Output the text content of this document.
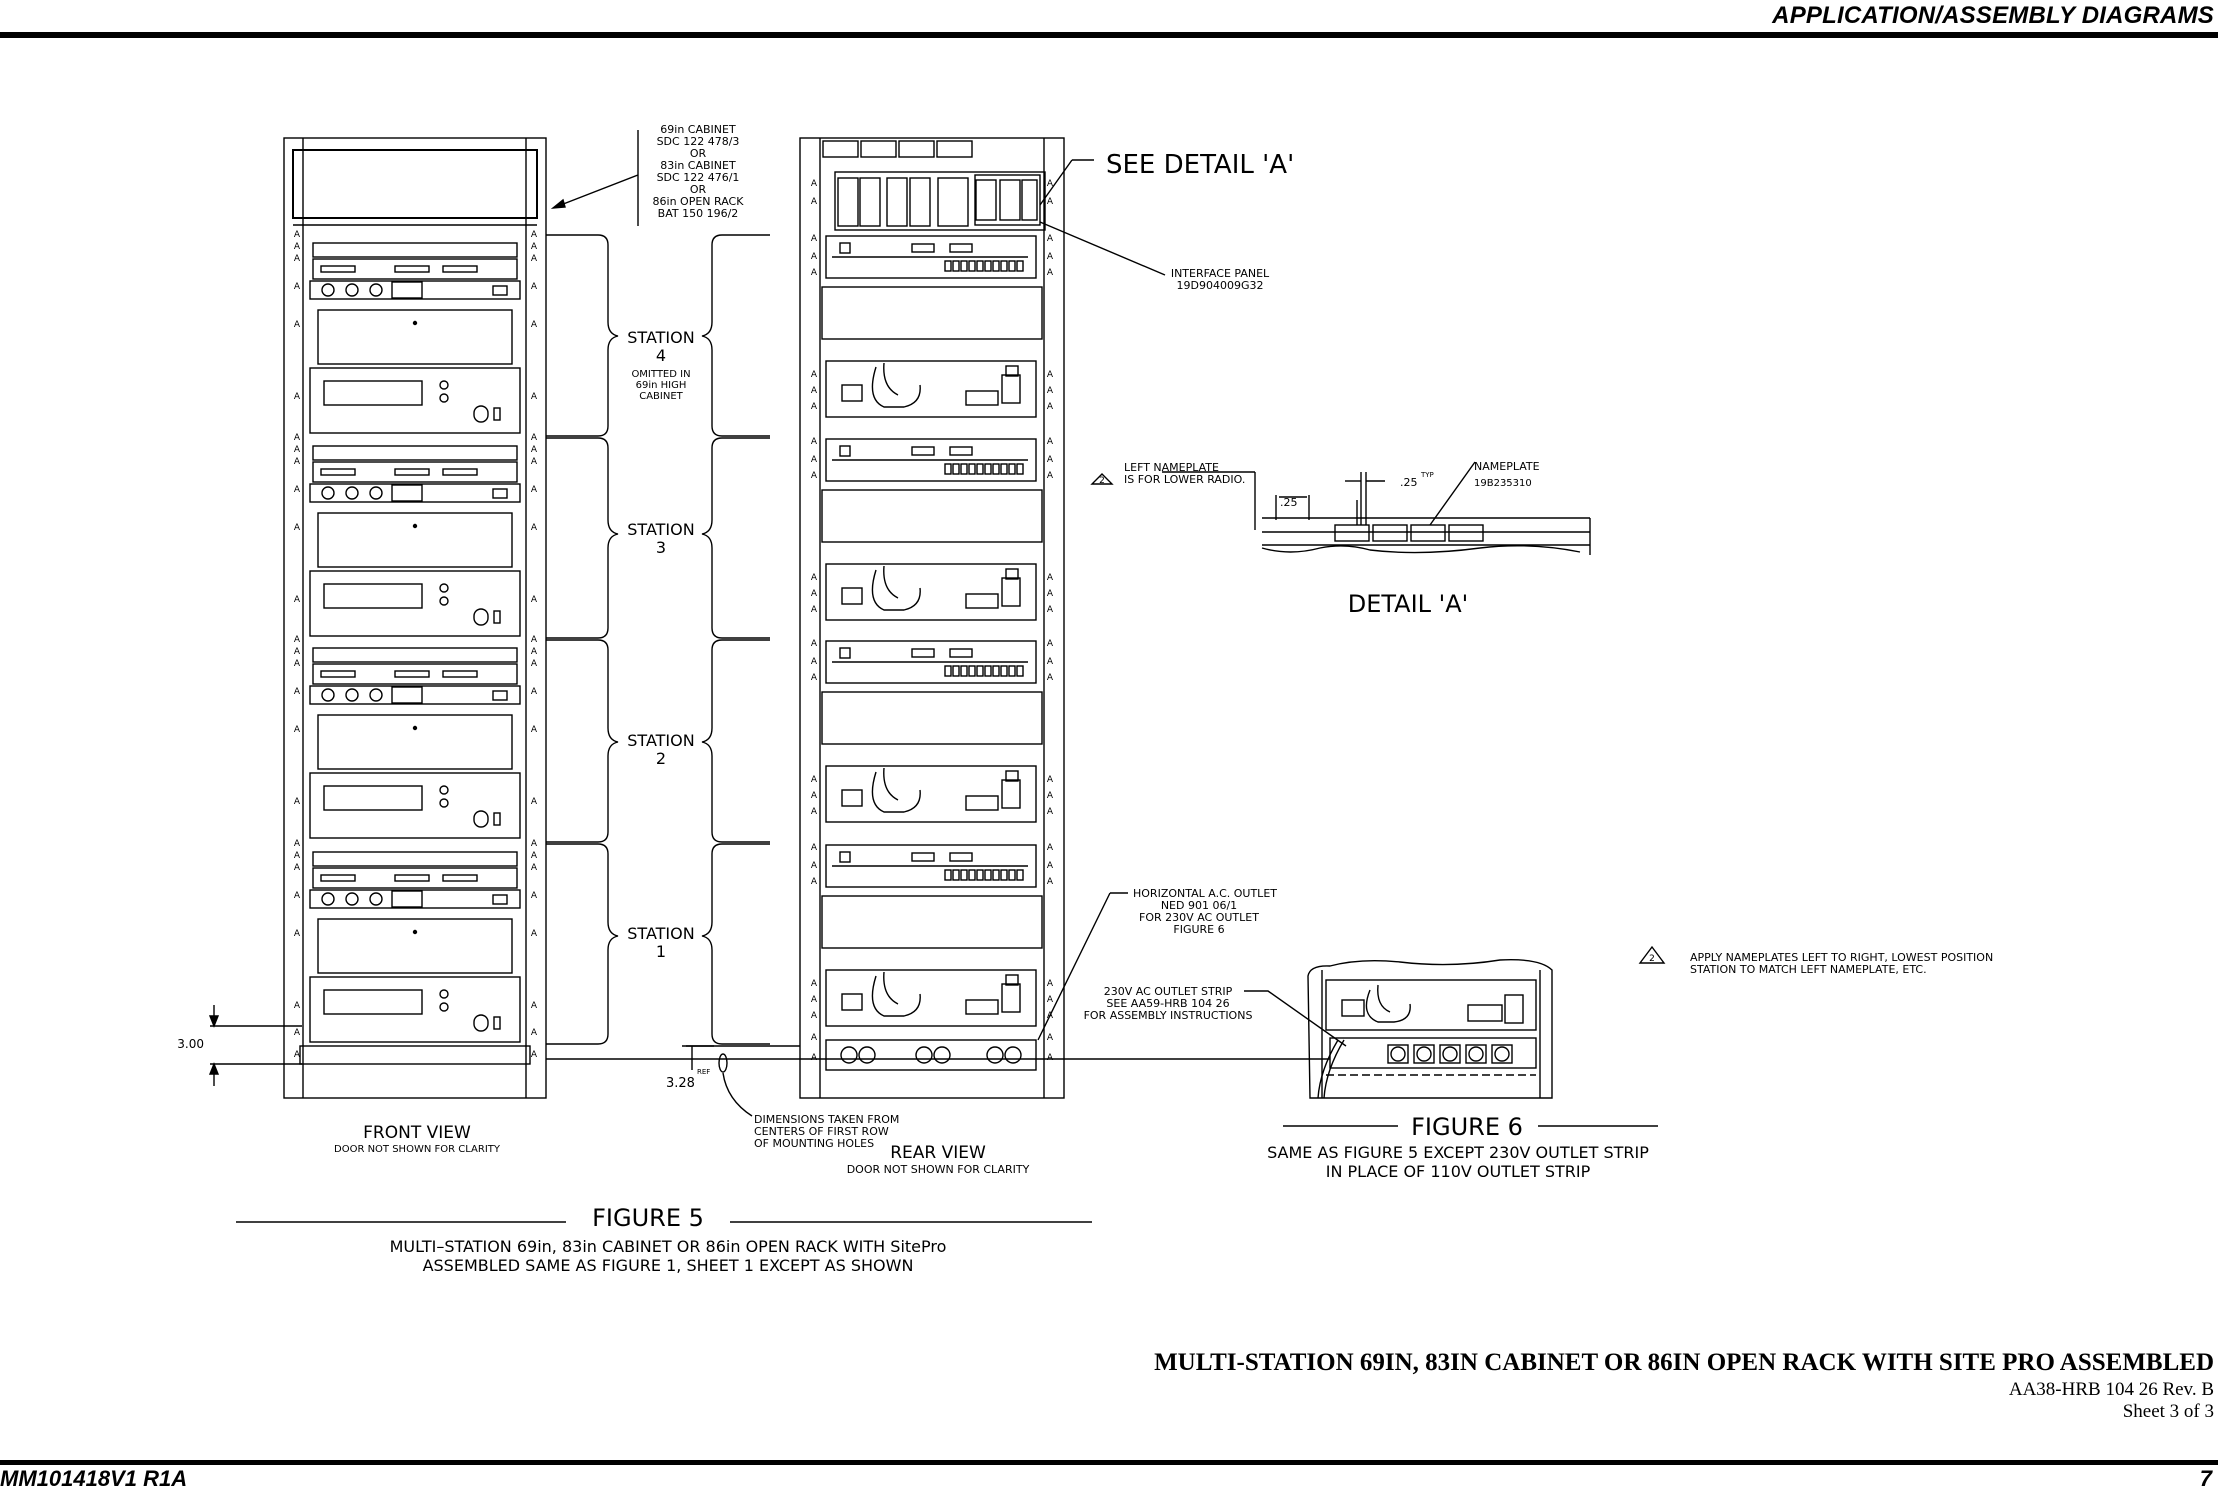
APPLICATION/ASSEMBLY DIAGRAMS
A	A
A	A
A	A
A	A
A	A
A	A
A	A
A	A
A	A
A	A
A	A
A	A
A	A
A	A
A	A
A	A
A	A
A	A
A	A
A	A
A	A
A	A
A	A
A	A
A	A
A	A
69in CABINET
SDC 122 478/3
OR
83in CABINET
SDC 122 476/1
OR
86in OPEN RACK
BAT 150 196/2
STATION
4
OMITTED IN
69in HIGH
CABINET
STATION
3
STATION
2
STATION
1
A	A
A	A
A	A
A	A
A	A
A	A
A	A
A	A
A	A
A	A
A	A
A	A
A	A
A	A
A	A
A	A
A	A
A	A
A	A
A	A
A	A
A	A
A	A
A	A
A	A
A	A
A	A
A	A
SEE DETAIL 'A'
INTERFACE PANEL
19D904009G32
2
LEFT NAMEPLATE
IS FOR LOWER RADIO.	.25
TYP
.25
NAMEPLATE
19B235310
DETAIL 'A'
HORIZONTAL A.C. OUTLET
NED 901 06/1
FOR 230V AC OUTLET
FIGURE 6
230V AC OUTLET STRIP
SEE AA59-HRB 104 26
FOR ASSEMBLY INSTRUCTIONS
2	APPLY NAMEPLATES LEFT TO RIGHT, LOWEST POSITION
STATION TO MATCH LEFT NAMEPLATE, ETC.
3.00
3.28
REF
DIMENSIONS TAKEN FROM
CENTERS OF FIRST ROW
OF MOUNTING HOLES
FRONT VIEW
DOOR NOT SHOWN FOR CLARITY	REAR VIEW
DOOR NOT SHOWN FOR CLARITY
FIGURE 5
MULTI–STATION 69in, 83in CABINET OR 86in OPEN RACK WITH SitePro
ASSEMBLED SAME AS FIGURE 1, SHEET 1 EXCEPT AS SHOWN
FIGURE 6
SAME AS FIGURE 5 EXCEPT 230V OUTLET STRIP
IN PLACE OF 110V OUTLET STRIP
MULTI-STATION 69IN, 83IN CABINET OR 86IN OPEN RACK WITH SITE PRO ASSEMBLED
AA38-HRB 104 26 Rev. B
Sheet 3 of 3
MM101418V1 R1A	7
